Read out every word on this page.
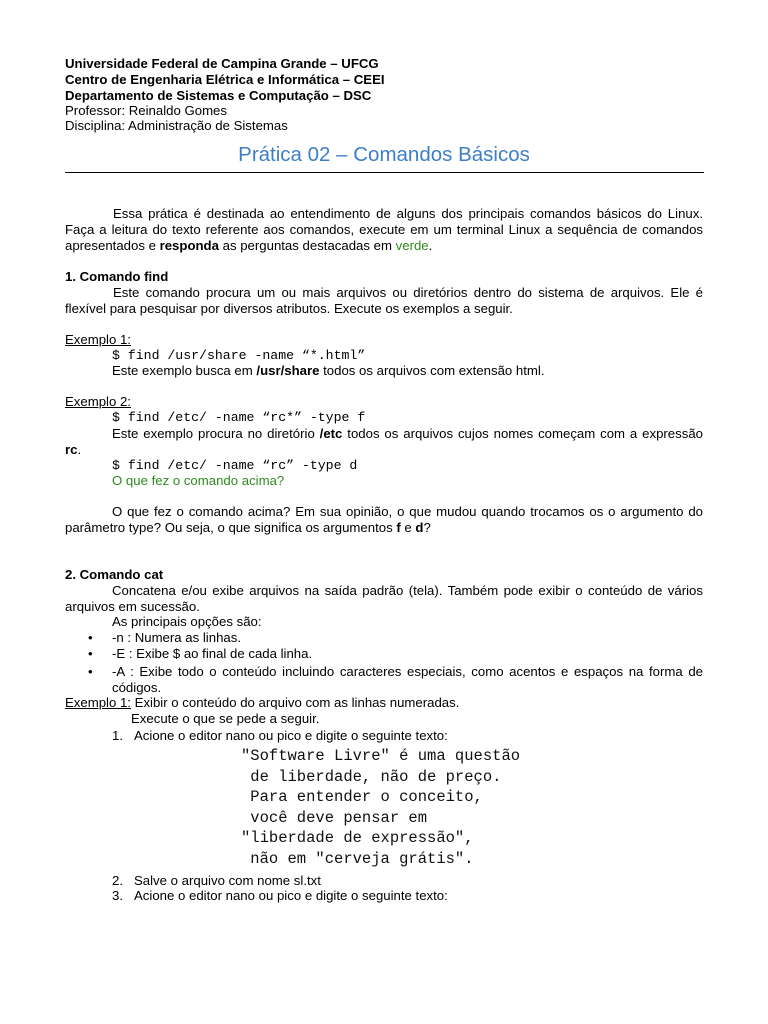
Universidade Federal de Campina Grande – UFCG
Centro de Engenharia Elétrica e Informática – CEEI
Departamento de Sistemas e Computação – DSC
Professor: Reinaldo Gomes
Disciplina: Administração de Sistemas
Prática 02 – Comandos Básicos
Essa prática é destinada ao entendimento de alguns dos principais comandos básicos do Linux. Faça a leitura do texto referente aos comandos, execute em um terminal Linux a sequência de comandos apresentados e responda as perguntas destacadas em verde.
1. Comando find
Este comando procura um ou mais arquivos ou diretórios dentro do sistema de arquivos. Ele é flexível para pesquisar por diversos atributos. Execute os exemplos a seguir.
Exemplo 1:
$ find /usr/share -name “*.html”
Este exemplo busca em /usr/share todos os arquivos com extensão html.
Exemplo 2:
$ find /etc/ -name “rc*” -type f
Este exemplo procura no diretório /etc todos os arquivos cujos nomes começam com a expressão rc.
$ find /etc/ -name “rc” -type d
O que fez o comando acima?
O que fez o comando acima? Em sua opinião, o que mudou quando trocamos os o argumento do parâmetro type? Ou seja, o que significa os argumentos f e d?
2. Comando cat
Concatena e/ou exibe arquivos na saída padrão (tela). Também pode exibir o conteúdo de vários arquivos em sucessão.
As principais opções são:
• -n : Numera as linhas.
• -E : Exibe $ ao final de cada linha.
• -A : Exibe todo o conteúdo incluindo caracteres especiais, como acentos e espaços na forma de códigos.
Exemplo 1: Exibir o conteúdo do arquivo com as linhas numeradas.
Execute o que se pede a seguir.
1. Acione o editor nano ou pico e digite o seguinte texto:
"Software Livre" é uma questão
de liberdade, não de preço.
Para entender o conceito,
você deve pensar em
"liberdade de expressão",
não em "cerveja grátis".
2. Salve o arquivo com nome sl.txt
3. Acione o editor nano ou pico e digite o seguinte texto:
